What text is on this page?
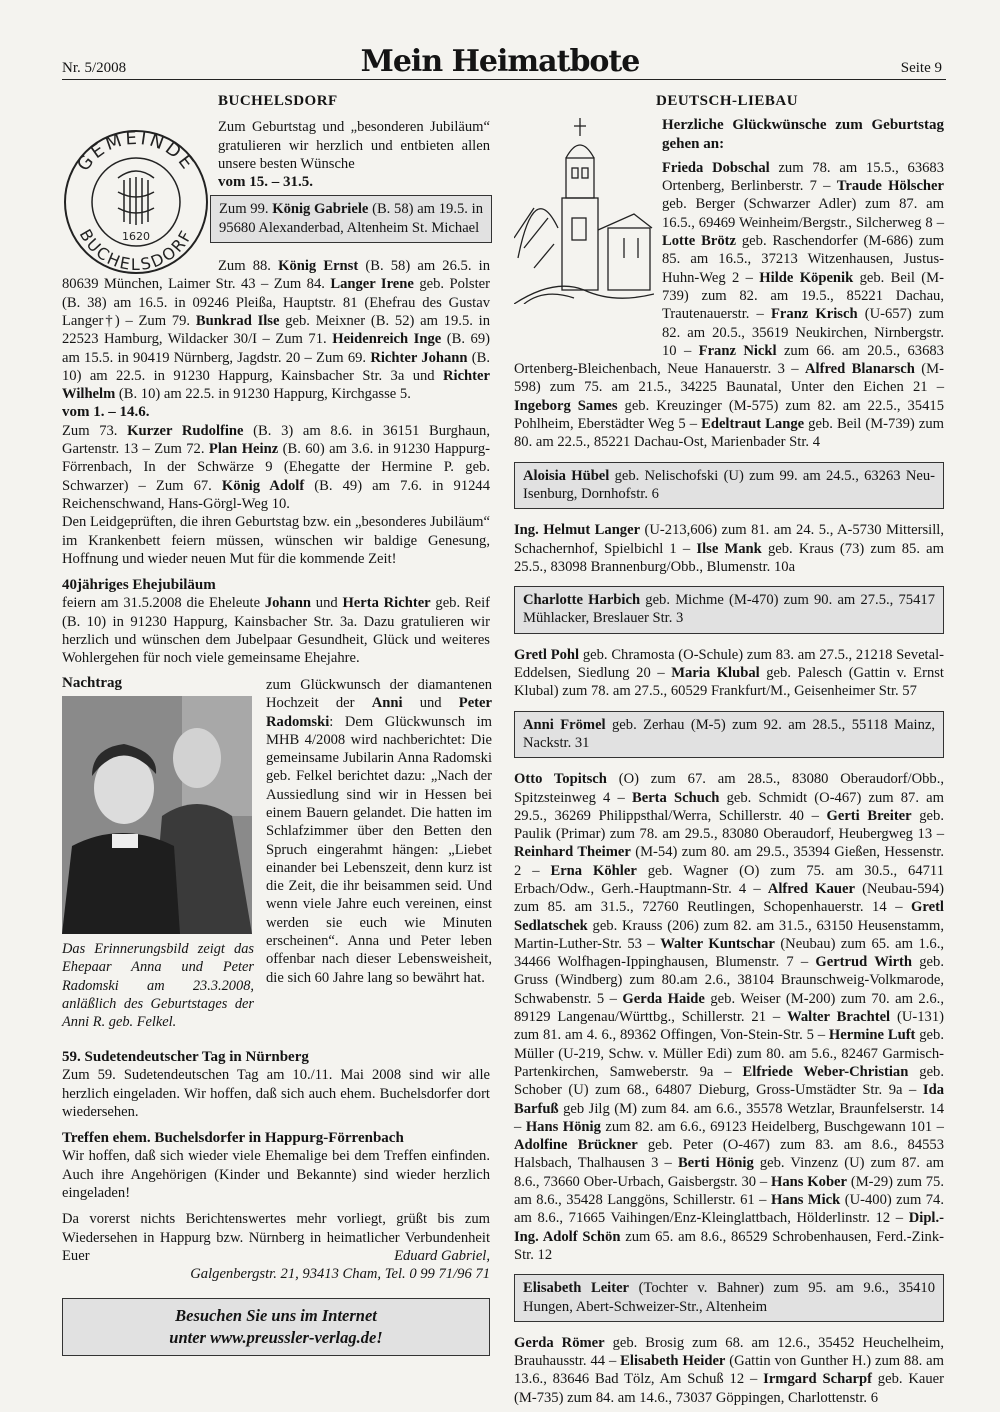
Nr. 5/2008	Mein Heimatbote	Seite 9
BUCHELSDORF
GEMEINDE
BUCHELSDORF
1620

Zum Geburtstag und „besonderen Jubiläum“ gratulieren wir herzlich und entbieten allen unsere besten Wünsche

vom 15. – 31.5.

Zum 99. König Gabriele (B. 58) am 19.5. in 95680 Alexanderbad, Altenheim St. Michael

Zum 88. König Ernst (B. 58) am 26.5. in 80639 München, Laimer Str. 43 – Zum 84. Langer Irene geb. Polster (B. 38) am 16.5. in 09246 Pleißa, Hauptstr. 81 (Ehefrau des Gustav Langer†) – Zum 79. Bunkrad Ilse geb. Meixner (B. 52) am 19.5. in 22523 Hamburg, Wildacker 30/I – Zum 71. Heidenreich Inge (B. 69) am 15.5. in 90419 Nürnberg, Jagdstr. 20 – Zum 69. Richter Johann (B. 10) am 22.5. in 91230 Happurg, Kainsbacher Str. 3a und Richter Wilhelm (B. 10) am 22.5. in 91230 Happurg, Kirchgasse 5.

vom 1. – 14.6.

Zum 73. Kurzer Rudolfine (B. 3) am 8.6. in 36151 Burghaun, Gartenstr. 13 – Zum 72. Plan Heinz (B. 60) am 3.6. in 91230 Happurg-Förrenbach, In der Schwärze 9 (Ehegatte der Hermine P. geb. Schwarzer) – Zum 67. König Adolf (B. 49) am 7.6. in 91244 Reichenschwand, Hans-Görgl-Weg 10.

Den Leidgeprüften, die ihren Geburtstag bzw. ein „besonderes Jubiläum“ im Krankenbett feiern müssen, wünschen wir baldige Genesung, Hoffnung und wieder neuen Mut für die kommende Zeit!

40jähriges Ehejubiläum

feiern am 31.5.2008 die Eheleute Johann und Herta Richter geb. Reif (B. 10) in 91230 Happurg, Kainsbacher Str. 3a. Dazu gratulieren wir herzlich und wünschen dem Jubelpaar Gesundheit, Glück und weiteres Wohlergehen für noch viele gemeinsame Ehejahre.

Nachtrag

Das Erinnerungsbild zeigt das Ehepaar Anna und Peter Radomski am 23.3.2008, anläßlich des Geburtstages der Anni R. geb. Felkel.

zum Glückwunsch der diamantenen Hochzeit der Anni und Peter Radomski: Dem Glückwunsch im MHB 4/2008 wird nachberichtet: Die gemeinsame Jubilarin Anna Radomski geb. Felkel berichtet dazu: „Nach der Aussiedlung sind wir in Hessen bei einem Bauern gelandet. Die hatten im Schlafzimmer über den Betten den Spruch eingerahmt hängen: „Liebet einander bei Lebenszeit, denn kurz ist die Zeit, die ihr beisammen seid. Und wenn viele Jahre euch vereinen, einst werden sie euch wie Minuten erscheinen“. Anna und Peter leben offenbar nach dieser Lebensweisheit, die sich 60 Jahre lang so bewährt hat.

59. Sudetendeutscher Tag in Nürnberg

Zum 59. Sudetendeutschen Tag am 10./11. Mai 2008 sind wir alle herzlich eingeladen. Wir hoffen, daß sich auch ehem. Buchelsdorfer dort wiedersehen.

Treffen ehem. Buchelsdorfer in Happurg-Förrenbach

Wir hoffen, daß sich wieder viele Ehemalige bei dem Treffen einfinden. Auch ihre Angehörigen (Kinder und Bekannte) sind wieder herzlich eingeladen!

Da vorerst nichts Berichtenswertes mehr vorliegt, grüßt bis zum Wiedersehen in Happurg bzw. Nürnberg in heimatlicher Verbundenheit Euer	Eduard Gabriel,

Galgenbergstr. 21, 93413 Cham, Tel. 0 99 71/96 71

Besuchen Sie uns im Internet
unter www.preussler-verlag.de!
DEUTSCH-LIEBAU

Herzliche Glückwünsche zum Geburtstag gehen an:

Frieda Dobschal zum 78. am 15.5., 63683 Ortenberg, Berlinberstr. 7 – Traude Hölscher geb. Berger (Schwarzer Adler) zum 87. am 16.5., 69469 Weinheim/Bergstr., Silcherweg 8 – Lotte Brötz geb. Raschendorfer (M-686) zum 85. am 16.5., 37213 Witzenhausen, Justus-Huhn-Weg 2 – Hilde Köpenik geb. Beil (M-739) zum 82. am 19.5., 85221 Dachau, Trautenauerstr. – Franz Krisch (U-657) zum 82. am 20.5., 35619 Neukirchen, Nirnbergstr. 10 – Franz Nickl zum 66. am 20.5., 63683 Ortenberg-Bleichenbach, Neue Hanauerstr. 3 – Alfred Blanarsch (M-598) zum 75. am 21.5., 34225 Baunatal, Unter den Eichen 21 – Ingeborg Sames geb. Kreuzinger (M-575) zum 82. am 22.5., 35415 Pohlheim, Eberstädter Weg 5 – Edeltraut Lange geb. Beil (M-739) zum 80. am 22.5., 85221 Dachau-Ost, Marienbader Str. 4

Aloisia Hübel geb. Nelischofski (U) zum 99. am 24.5., 63263 Neu-Isenburg, Dornhofstr. 6

Ing. Helmut Langer (U-213,606) zum 81. am 24. 5., A-5730 Mittersill, Schachernhof, Spielbichl 1 – Ilse Mank geb. Kraus (73) zum 85. am 25.5., 83098 Brannenburg/Obb., Blumenstr. 10a

Charlotte Harbich geb. Michme (M-470) zum 90. am 27.5., 75417 Mühlacker, Breslauer Str. 3

Gretl Pohl geb. Chramosta (O-Schule) zum 83. am 27.5., 21218 Sevetal-Eddelsen, Siedlung 20 – Maria Klubal geb. Palesch (Gattin v. Ernst Klubal) zum 78. am 27.5., 60529 Frankfurt/M., Geisenheimer Str. 57

Anni Frömel geb. Zerhau (M-5) zum 92. am 28.5., 55118 Mainz, Nackstr. 31

Otto Topitsch (O) zum 67. am 28.5., 83080 Oberaudorf/Obb., Spitzsteinweg 4 – Berta Schuch geb. Schmidt (O-467) zum 87. am 29.5., 36269 Philippsthal/Werra, Schillerstr. 40 – Gerti Breiter geb. Paulik (Primar) zum 78. am 29.5., 83080 Oberaudorf, Heubergweg 13 – Reinhard Theimer (M-54) zum 80. am 29.5., 35394 Gießen, Hessenstr. 2 – Erna Köhler geb. Wagner (O) zum 75. am 30.5., 64711 Erbach/Odw., Gerh.-Hauptmann-Str. 4 – Alfred Kauer (Neubau-594) zum 85. am 31.5., 72760 Reutlingen, Schopenhauerstr. 14 – Gretl Sedlatschek geb. Krauss (206) zum 82. am 31.5., 63150 Heusenstamm, Martin-Luther-Str. 53 – Walter Kuntschar (Neubau) zum 65. am 1.6., 34466 Wolfhagen-Ippinghausen, Blumenstr. 7 – Gertrud Wirth geb. Gruss (Windberg) zum 80.am 2.6., 38104 Braunschweig-Volkmarode, Schwabenstr. 5 – Gerda Haide geb. Weiser (M-200) zum 70. am 2.6., 89129 Langenau/Württbg., Schillerstr. 21 – Walter Brachtel (U-131) zum 81. am 4. 6., 89362 Offingen, Von-Stein-Str. 5 – Hermine Luft geb. Müller (U-219, Schw. v. Müller Edi) zum 80. am 5.6., 82467 Garmisch-Partenkirchen, Samweberstr. 9a – Elfriede Weber-Christian geb. Schober (U) zum 68., 64807 Dieburg, Gross-Umstädter Str. 9a – Ida Barfuß geb Jilg (M) zum 84. am 6.6., 35578 Wetzlar, Braunfelserstr. 14 – Hans Hönig zum 82. am 6.6., 69123 Heidelberg, Buschgewann 101 – Adolfine Brückner geb. Peter (O-467) zum 83. am 8.6., 84553 Halsbach, Thalhausen 3 – Berti Hönig geb. Vinzenz (U) zum 87. am 8.6., 73660 Ober-Urbach, Gaisbergstr. 30 – Hans Kober (M-29) zum 75. am 8.6., 35428 Langgöns, Schillerstr. 61 – Hans Mick (U-400) zum 74. am 8.6., 71665 Vaihingen/Enz-Kleinglattbach, Hölderlinstr. 12 – Dipl.-Ing. Adolf Schön zum 65. am 8.6., 86529 Schrobenhausen, Ferd.-Zink-Str. 12

Elisabeth Leiter (Tochter v. Bahner) zum 95. am 9.6., 35410 Hungen, Abert-Schweizer-Str., Altenheim

Gerda Römer geb. Brosig zum 68. am 12.6., 35452 Heuchelheim, Brauhausstr. 44 – Elisabeth Heider (Gattin von Gunther H.) zum 88. am 13.6., 83646 Bad Tölz, Am Schuß 12 – Irmgard Scharpf geb. Kauer (M-735) zum 84. am 14.6., 73037 Göppingen, Charlottenstr. 6
